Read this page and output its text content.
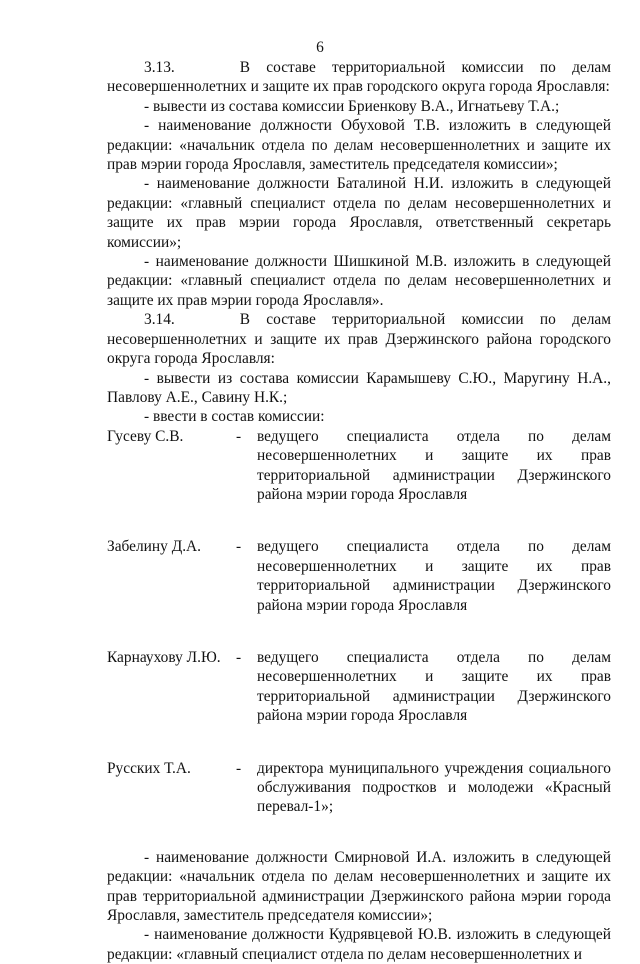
6

3.13.    В составе территориальной комиссии по делам несовершеннолетних и защите их прав городского округа города Ярославля:

- вывести из состава комиссии Бриенкову В.А., Игнатьеву Т.А.;

- наименование должности Обуховой Т.В. изложить в следующей редакции: «начальник отдела по делам несовершеннолетних и защите их прав мэрии города Ярославля, заместитель председателя комиссии»;

- наименование должности Баталиной Н.И. изложить в следующей редакции: «главный специалист отдела по делам несовершеннолетних и защите их прав мэрии города Ярославля, ответственный секретарь комиссии»;

- наименование должности Шишкиной М.В. изложить в следующей редакции: «главный специалист отдела по делам несовершеннолетних и защите их прав мэрии города Ярославля».

3.14.    В составе территориальной комиссии по делам несовершеннолетних и защите их прав Дзержинского района городского округа города Ярославля:

- вывести из состава комиссии Карамышеву С.Ю., Маругину Н.А., Павлову А.Е., Савину Н.К.;

- ввести в состав комиссии:

Гусеву С.В.	-	ведущего специалиста отдела по делам несовершеннолетних и защите их прав территориальной администрации Дзержинского района мэрии города Ярославля
Забелину Д.А.	-	ведущего специалиста отдела по делам несовершеннолетних и защите их прав территориальной администрации Дзержинского района мэрии города Ярославля
Карнаухову Л.Ю. -	ведущего специалиста отдела по делам несовершеннолетних и защите их прав территориальной администрации Дзержинского района мэрии города Ярославля
Русских Т.А.	-	директора муниципального учреждения социального обслуживания подростков и молодежи «Красный перевал-1»;

- наименование должности Смирновой И.А. изложить в следующей редакции: «начальник отдела по делам несовершеннолетних и защите их прав территориальной администрации Дзержинского района мэрии города Ярославля, заместитель председателя комиссии»;

- наименование должности Кудрявцевой Ю.В. изложить в следующей редакции: «главный специалист отдела по делам несовершеннолетних и
